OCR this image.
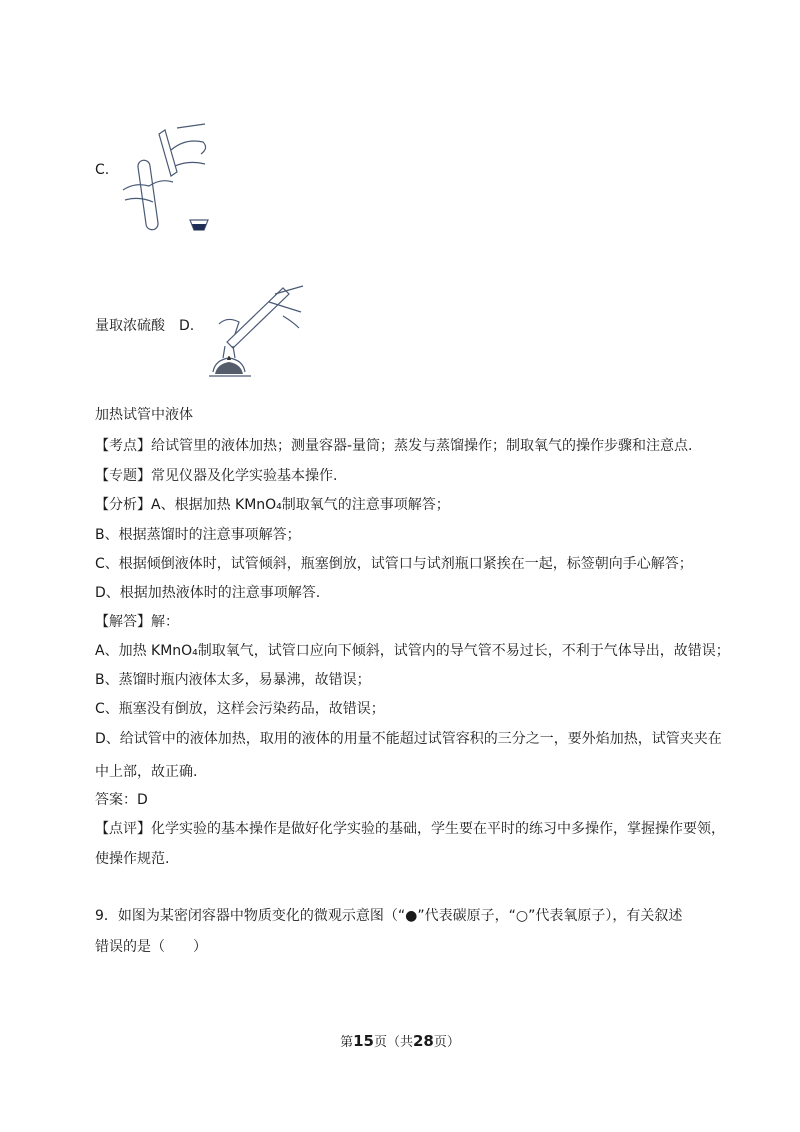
C.
量取浓硫酸 D.
加热试管中液体
【考点】给试管里的液体加热；测量容器-量筒；蒸发与蒸馏操作；制取氧气的操作步骤和注意点.
【专题】常见仪器及化学实验基本操作.
【分析】A、根据加热 KMnO₄制取氧气的注意事项解答；
B、根据蒸馏时的注意事项解答；
C、根据倾倒液体时，试管倾斜，瓶塞倒放，试管口与试剂瓶口紧挨在一起，标签朝向手心解答；
D、根据加热液体时的注意事项解答.
【解答】解：
A、加热 KMnO₄制取氧气，试管口应向下倾斜，试管内的导气管不易过长，不利于气体导出，故错误；
B、蒸馏时瓶内液体太多，易暴沸，故错误；
C、瓶塞没有倒放，这样会污染药品，故错误；
D、给试管中的液体加热，取用的液体的用量不能超过试管容积的三分之一，要外焰加热，试管夹夹在
中上部，故正确.
答案：D
【点评】化学实验的基本操作是做好化学实验的基础，学生要在平时的练习中多操作，掌握操作要领，
使操作规范.
9．如图为某密闭容器中物质变化的微观示意图（“●”代表碳原子，“○”代表氧原子），有关叙述
错误的是（　　）
第15页（共28页）
